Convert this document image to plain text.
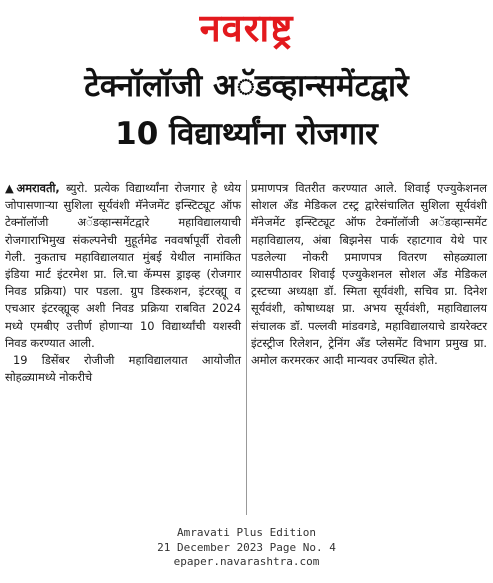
नवराष्ट्र
टेक्नॉलॉजी अॅडव्हान्समेंटद्वारे
10 विद्यार्थ्यांना रोजगार

▲अमरावती, ब्युरो. प्रत्येक विद्यार्थ्यांना रोजगार हे ध्येय जोपासणाऱ्या सुशिला सूर्यवंशी मॅनेजमेंट इन्स्टिट्यूट ऑफ टेक्नॉलॉजी अॅडव्हान्समेंटद्वारे महाविद्यालयाची रोजगाराभिमुख संकल्पनेची मुहूर्तमेढ नववर्षापूर्वी रोवली गेली. नुकताच महाविद्यालयात मुंबई येथील नामांकित इंडिया मार्ट इंटरमेश प्रा. लि.चा कॅम्पस ड्राइव्ह (रोजगार निवड प्रक्रिया) पार पडला. ग्रुप डिस्कशन, इंटरव्ह्यू व एचआर इंटरव्ह्यूव्ह अशी निवड प्रक्रिया राबवित 2024 मध्ये एमबीए उत्तीर्ण होणाऱ्या 10 विद्यार्थ्यांची यशस्वी निवड करण्यात आली.

19 डिसेंबर रोजीजी महाविद्यालयात आयोजीत सोहळ्यामध्ये नोकरीचे

प्रमाणपत्र वितरीत करण्यात आले. शिवाई एज्युकेशनल सोशल अँड मेडिकल टस्ट्र द्वारेसंचालित सुशिला सूर्यवंशी मॅनेजमेंट इन्स्टिट्यूट ऑफ टेक्नॉलॉजी अॅडव्हान्समेंट महाविद्यालय, अंबा बिझनेस पार्क रहाटगाव येथे पार पडलेल्या नोकरी प्रमाणपत्र वितरण सोहळ्याला व्यासपीठावर शिवाई एज्युकेशनल सोशल अँड मेडिकल ट्रस्टच्या अध्यक्षा डॉ. स्मिता सूर्यवंशी, सचिव प्रा. दिनेश सूर्यवंशी, कोषाध्यक्ष प्रा. अभय सूर्यवंशी, महाविद्यालय संचालक डॉ. पल्लवी मांडवगडे, महाविद्यालयाचे डायरेक्टर इंटस्ट्रीज रिलेशन, ट्रेनिंग अँड प्लेसमेंट विभाग प्रमुख प्रा. अमोल करमरकर आदी मान्यवर उपस्थित होते.

Amravati Plus Edition
21 December 2023 Page No. 4
epaper.navarashtra.com
